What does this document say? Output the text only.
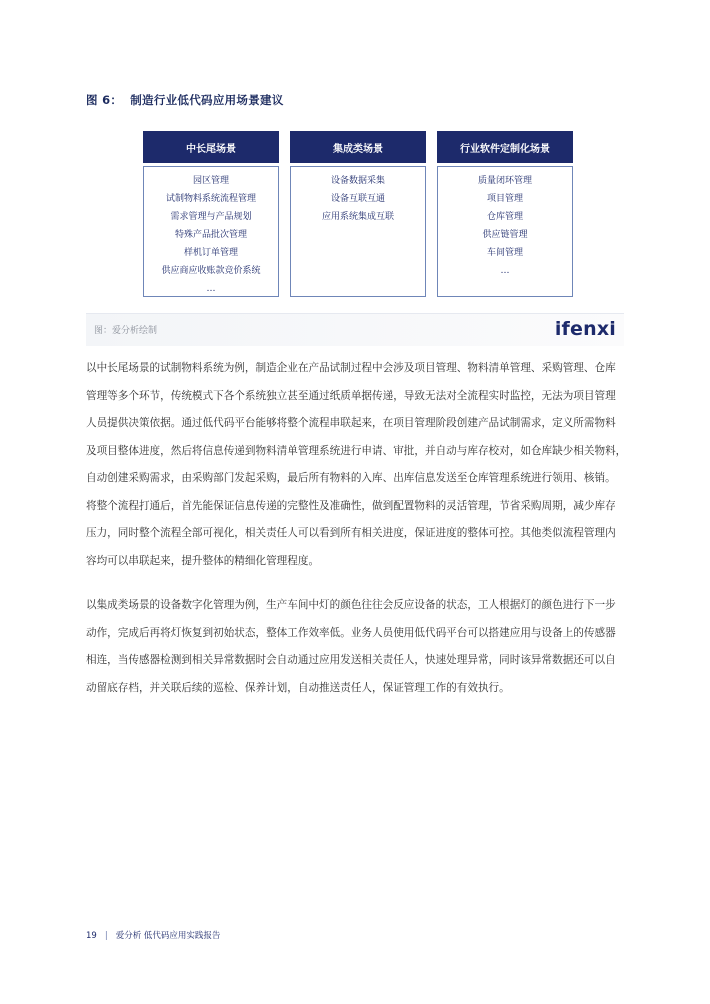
图 6： 制造行业低代码应用场景建议
中长尾场景
园区管理
试制物料系统流程管理
需求管理与产品规划
特殊产品批次管理
样机订单管理
供应商应收账款竞价系统
…
集成类场景
设备数据采集
设备互联互通
应用系统集成互联
行业软件定制化场景
质量闭环管理
项目管理
仓库管理
供应链管理
车间管理
…
图：爱分析绘制	ifenxi
以中长尾场景的试制物料系统为例，制造企业在产品试制过程中会涉及项目管理、物料清单管理、采购管理、仓库
管理等多个环节，传统模式下各个系统独立甚至通过纸质单据传递，导致无法对全流程实时监控，无法为项目管理
人员提供决策依据。通过低代码平台能够将整个流程串联起来，在项目管理阶段创建产品试制需求，定义所需物料
及项目整体进度，然后将信息传递到物料清单管理系统进行申请、审批，并自动与库存校对，如仓库缺少相关物料，
自动创建采购需求，由采购部门发起采购，最后所有物料的入库、出库信息发送至仓库管理系统进行领用、核销。
将整个流程打通后，首先能保证信息传递的完整性及准确性，做到配置物料的灵活管理，节省采购周期，减少库存
压力，同时整个流程全部可视化，相关责任人可以看到所有相关进度，保证进度的整体可控。其他类似流程管理内
容均可以串联起来，提升整体的精细化管理程度。
以集成类场景的设备数字化管理为例，生产车间中灯的颜色往往会反应设备的状态，工人根据灯的颜色进行下一步
动作，完成后再将灯恢复到初始状态，整体工作效率低。业务人员使用低代码平台可以搭建应用与设备上的传感器
相连，当传感器检测到相关异常数据时会自动通过应用发送相关责任人，快速处理异常，同时该异常数据还可以自
动留底存档，并关联后续的巡检、保养计划，自动推送责任人，保证管理工作的有效执行。
19 | 爱分析 低代码应用实践报告
